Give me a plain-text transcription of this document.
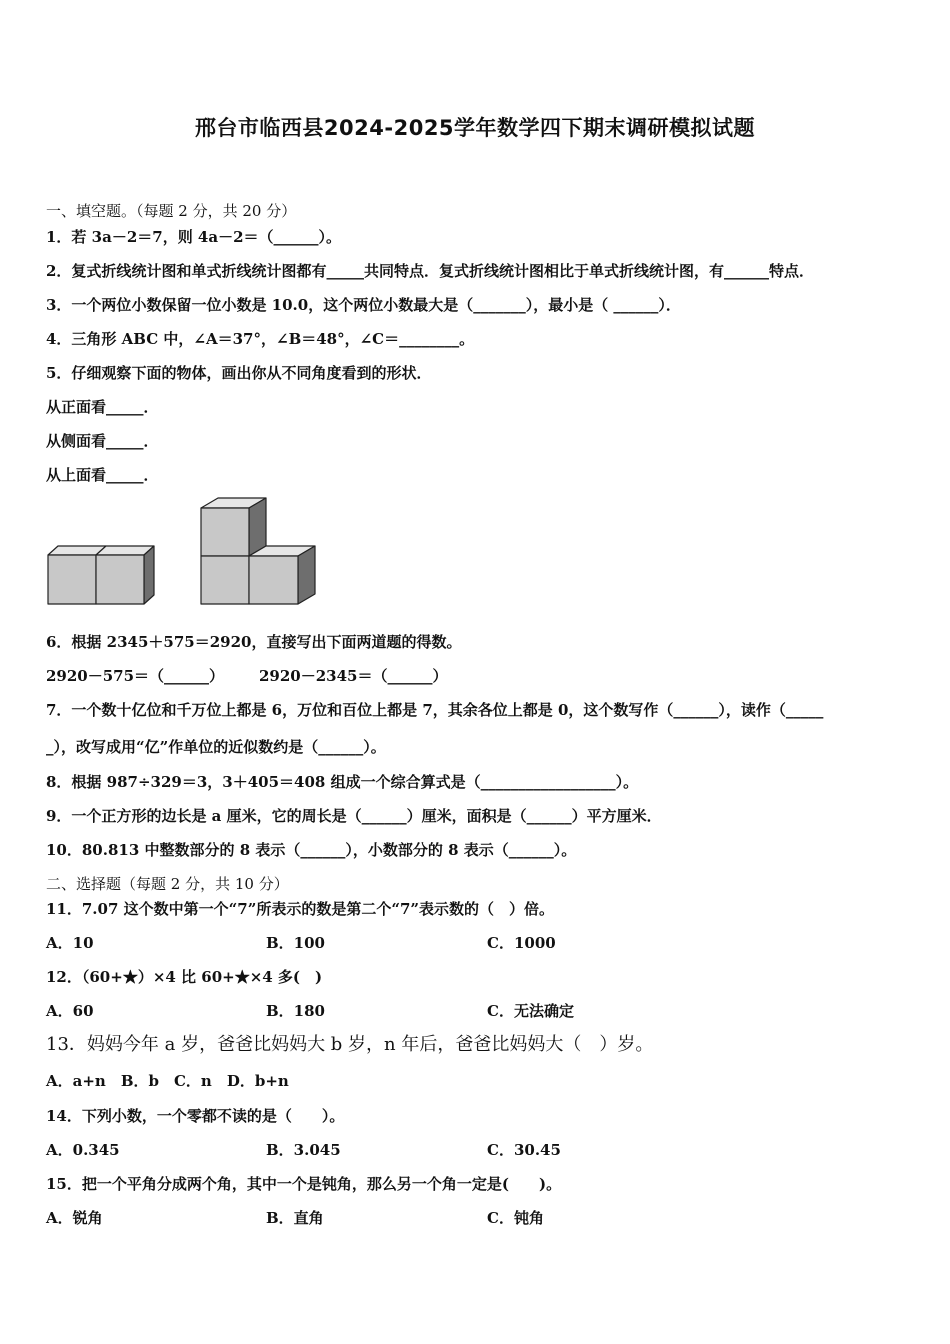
邢台市临西县2024-2025学年数学四下期末调研模拟试题
一、填空题。（每题 2 分，共 20 分）
1．若 3a－2＝7，则 4a－2＝（______）。
2．复式折线统计图和单式折线统计图都有_____共同特点．复式折线统计图相比于单式折线统计图，有______特点．
3．一个两位小数保留一位小数是 10.0，这个两位小数最大是（_______），最小是（ ______）．
4．三角形 ABC 中，∠A＝37°，∠B＝48°，∠C＝________。
5．仔细观察下面的物体，画出你从不同角度看到的形状．
从正面看_____．
从侧面看_____．
从上面看_____．
6．根据 2345＋575＝2920，直接写出下面两道题的得数。
2920－575＝（______） 2920－2345＝（______）
7．一个数十亿位和千万位上都是 6，万位和百位上都是 7，其余各位上都是 0，这个数写作（______），读作（_____
_），改写成用“亿”作单位的近似数约是（______）。
8．根据 987÷329＝3，3＋405＝408 组成一个综合算式是（__________________）。
9．一个正方形的边长是 a 厘米，它的周长是（______）厘米，面积是（______）平方厘米．
10．80.813 中整数部分的 8 表示（______），小数部分的 8 表示（______）。
二、选择题（每题 2 分，共 10 分）
11．7.07 这个数中第一个“7”所表示的数是第二个“7”表示数的（　）倍。
A．10	B．100	C．1000
12．（60+★）×4 比 60+★×4 多(　)
A．60	B．180	C．无法确定
13．妈妈今年 a 岁，爸爸比妈妈大 b 岁，n 年后，爸爸比妈妈大（　）岁。
A．a+n　B．b　C．n　D．b+n
14．下列小数，一个零都不读的是（　　）。
A．0.345	B．3.045	C．30.45
15．把一个平角分成两个角，其中一个是钝角，那么另一个角一定是(　　)。
A．锐角	B．直角	C．钝角
